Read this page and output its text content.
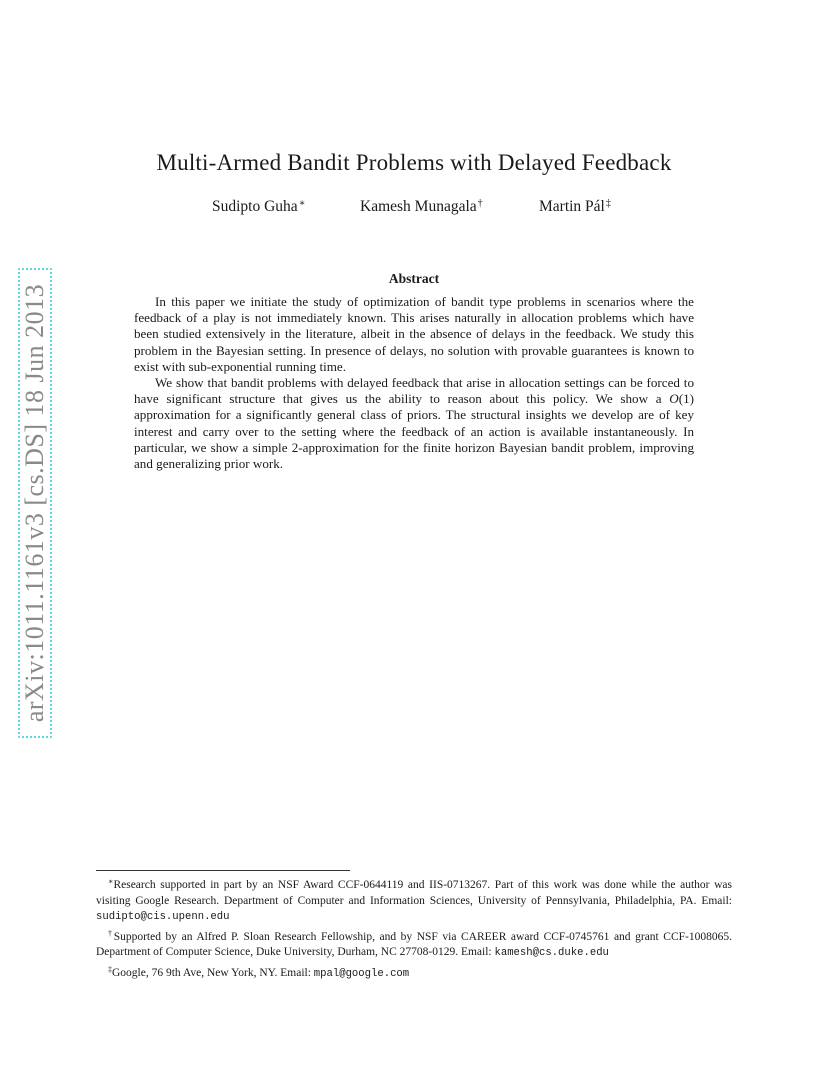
arXiv:1011.1161v3 [cs.DS] 18 Jun 2013
Multi-Armed Bandit Problems with Delayed Feedback
Sudipto Guha∗	Kamesh Munagala†	Martin Pál‡
Abstract

In this paper we initiate the study of optimization of bandit type problems in scenarios where the feedback of a play is not immediately known. This arises naturally in allocation problems which have been studied extensively in the literature, albeit in the absence of delays in the feedback. We study this problem in the Bayesian setting. In presence of delays, no solution with provable guarantees is known to exist with sub-exponential running time.

We show that bandit problems with delayed feedback that arise in allocation settings can be forced to have significant structure that gives us the ability to reason about this policy. We show a O(1) approximation for a significantly general class of priors. The structural insights we develop are of key interest and carry over to the setting where the feedback of an action is available instantaneously. In particular, we show a simple 2-approximation for the finite horizon Bayesian bandit problem, improving and generalizing prior work.

∗Research supported in part by an NSF Award CCF-0644119 and IIS-0713267. Part of this work was done while the author was visiting Google Research. Department of Computer and Information Sciences, University of Pennsylvania, Philadelphia, PA. Email: sudipto@cis.upenn.edu

†Supported by an Alfred P. Sloan Research Fellowship, and by NSF via CAREER award CCF-0745761 and grant CCF-1008065. Department of Computer Science, Duke University, Durham, NC 27708-0129. Email: kamesh@cs.duke.edu

‡Google, 76 9th Ave, New York, NY. Email: mpal@google.com
